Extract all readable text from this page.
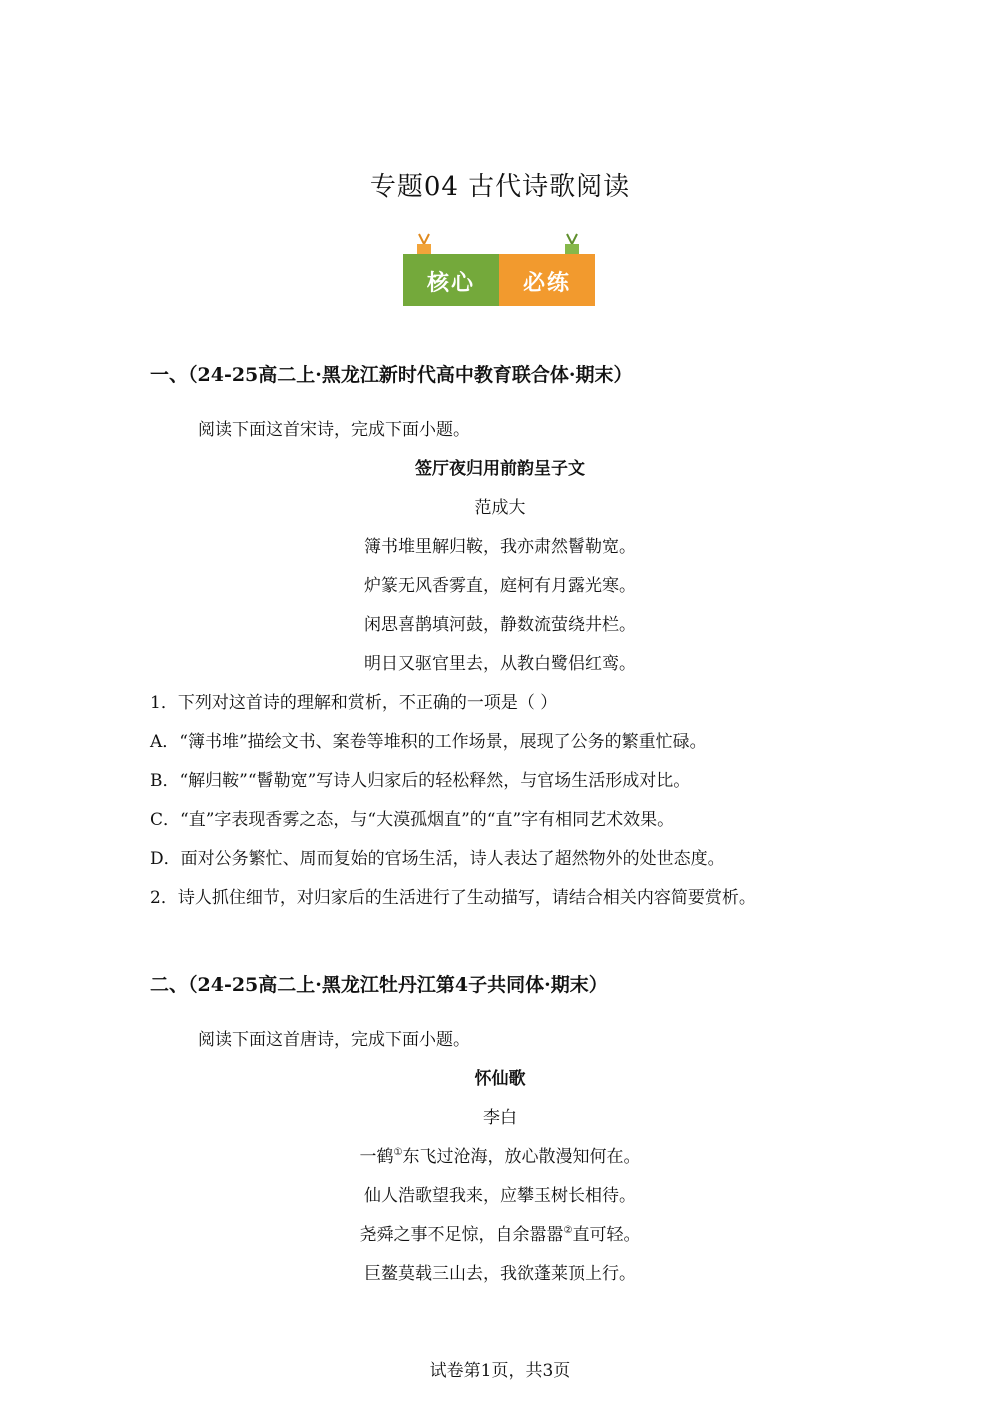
专题04 古代诗歌阅读
核心	必练
一、（24-25高二上·黑龙江新时代高中教育联合体·期末）
阅读下面这首宋诗，完成下面小题。
签厅夜归用前韵呈子文
范成大
簿书堆里解归鞍，我亦肃然鬙勒宽。
炉篆无风香雾直，庭柯有月露光寒。
闲思喜鹊填河鼓，静数流萤绕井栏。
明日又驱官里去，从教白鹭侣红鸾。
1．下列对这首诗的理解和赏析，不正确的一项是（ ）
A．“簿书堆”描绘文书、案卷等堆积的工作场景，展现了公务的繁重忙碌。
B．“解归鞍”“鬙勒宽”写诗人归家后的轻松释然，与官场生活形成对比。
C．“直”字表现香雾之态，与“大漠孤烟直”的“直”字有相同艺术效果。
D．面对公务繁忙、周而复始的官场生活，诗人表达了超然物外的处世态度。
2．诗人抓住细节，对归家后的生活进行了生动描写，请结合相关内容简要赏析。
二、（24-25高二上·黑龙江牡丹江第4子共同体·期末）
阅读下面这首唐诗，完成下面小题。
怀仙歌
李白
一鹤①东飞过沧海，放心散漫知何在。
仙人浩歌望我来，应攀玉树长相待。
尧舜之事不足惊，自余嚣嚣②直可轻。
巨鳌莫载三山去，我欲蓬莱顶上行。
试卷第1页，共3页
